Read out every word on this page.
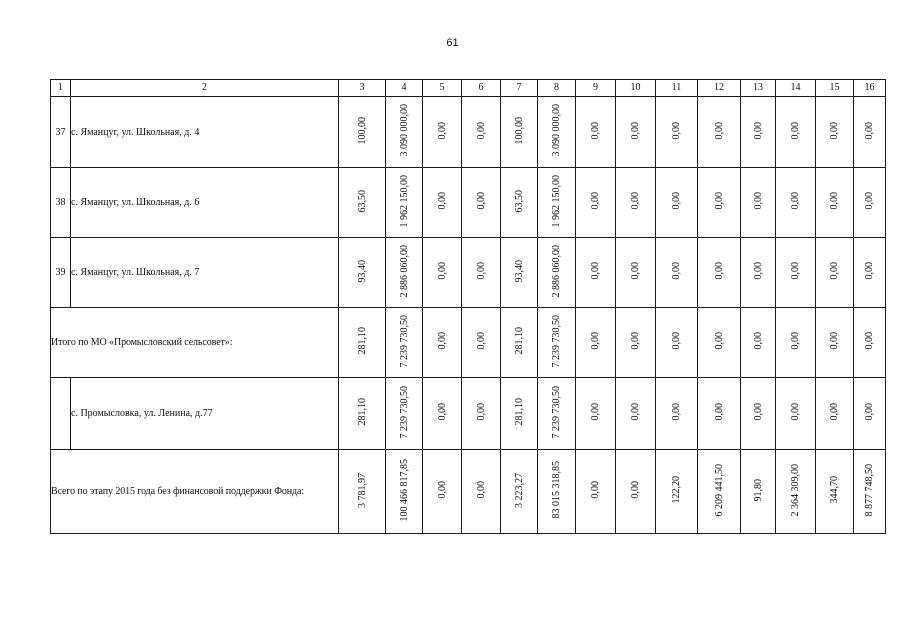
61
1	2	3	4	5	6	7	8	9	10	11	12	13	14	15	16
37	с. Яманцуг, ул. Школьная, д. 4	100,00	3 090 000,00	0,00	0,00	100,00	3 090 000,00	0,00	0,00	0,00	0,00	0,00	0,00	0,00	0,00
38	с. Яманцуг, ул. Школьная, д. 6	63,50	1 962 150,00	0,00	0,00	63,50	1 962 150,00	0,00	0,00	0,00	0,00	0,00	0,00	0,00	0,00
39	с. Яманцуг, ул. Школьная, д. 7	93,40	2 886 060,00	0,00	0,00	93,40	2 886 060,00	0,00	0,00	0,00	0,00	0,00	0,00	0,00	0,00
Итого по МО «Промысловский сельсовет»:		281,10	7 239 730,50	0,00	0,00	281,10	7 239 730,50	0,00	0,00	0,00	0,00	0,00	0,00	0,00	0,00
	с. Промысловка, ул. Ленина, д.77	281,10	7 239 730,50	0,00	0,00	281,10	7 239 730,50	0,00	0,00	0,00	0,00	0,00	0,00	0,00	0,00
Всего по этапу 2015 года без финансовой поддержки Фонда:		3 781,97	100 466 817,85	0,00	0,00	3 223,27	83 015 318,85	0,00	0,00	122,20	6 209 441,50	91,80	2 364 309,00	344,70	8 877 748,50
